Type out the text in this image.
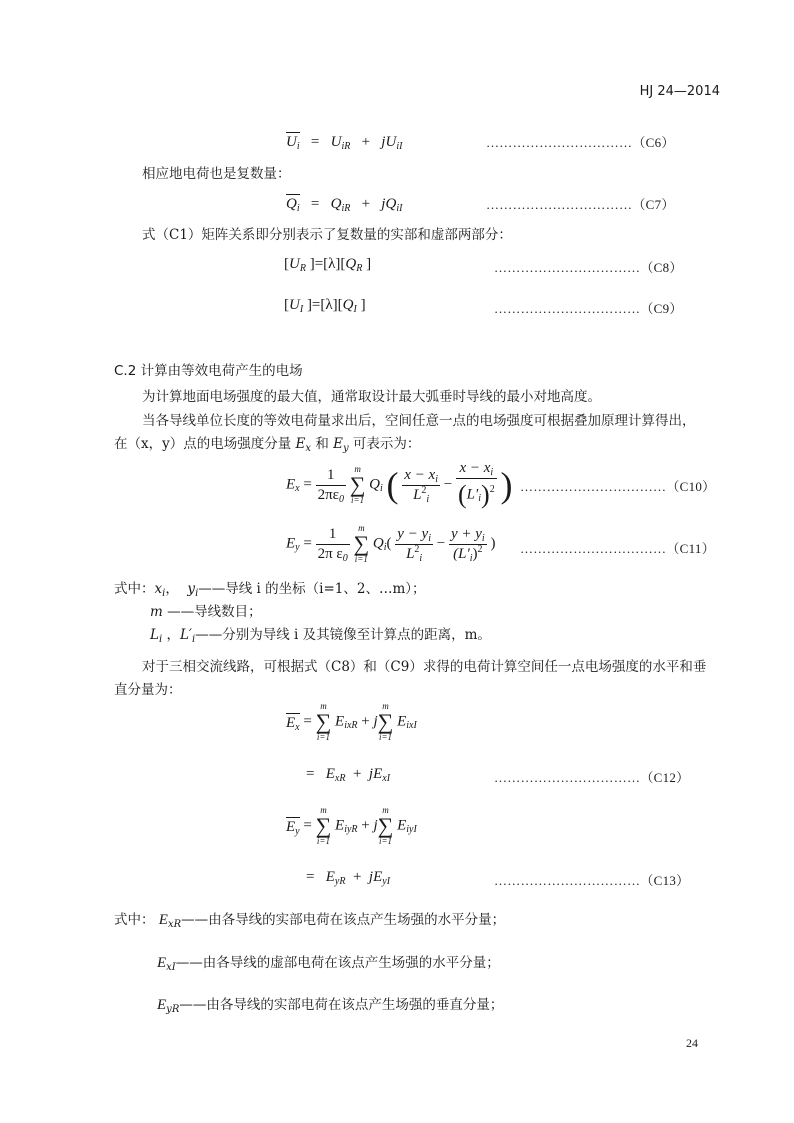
HJ 24—2014
$U_i = U_{iR} + jU_{iI}$	……………………………（C6）
相应地电荷也是复数量：
$Q_i = Q_{iR} + jQ_{iI}$	……………………………（C7）
式（C1）矩阵关系即分别表示了复数量的实部和虚部两部分：
[$U_R$ ]$=[\lambda][Q_R$ ]	……………………………（C8）
[$U_I$ ]$=[\lambda][Q_I$ ]	……………………………（C9）
C.2 计算由等效电荷产生的电场
为计算地面电场强度的最大值，通常取设计最大弧垂时导线的最小对地高度。
当各导线单位长度的等效电荷量求出后，空间任意一点的电场强度可根据叠加原理计算得出，
在（x，y）点的电场强度分量 $E_x$ 和 $E_y$ 可表示为：
$E_x = \frac{1}{2\pi\varepsilon_0}$
m
∑
i=1
$Q_i$ ( $\frac{x - x_i}{L^2_i} - \frac{x - x_i}{(L'_i)^2}$ ) ……………………………（C10）
$E_y = \frac{1}{2\pi \varepsilon_0}$
m
∑
i=1
$Q_i( \frac{y - y_i}{L^2_i} - \frac{y + y_i}{(L'_i)^2}$ ) ……………………………（C11）
式中：$x_i$， $y_i——$导线 i 的坐标（i=1、2、…m）；
m ——导线数目；
$L_i$ ，$L'_i——$分别为导线 i 及其镜像至计算点的距离，m。
对于三相交流线路，可根据式（C8）和（C9）求得的电荷计算空间任一点电场强度的水平和垂
直分量为：
$E_x$ =
m
∑
i=1
$E_{ixR} + j$
m
∑
i=1
$E_{ixI}$
= $E_{xR} + jE_{xI}$	……………………………（C12）
$E_y$ =
m
∑
i=1
$E_{iyR} + j$
m
∑
i=1
$E_{iyI}$
= $E_{yR} + jE_{yI}$	……………………………（C13）
式中： $E_{xR}——$由各导线的实部电荷在该点产生场强的水平分量；
$E_{xI}——$由各导线的虚部电荷在该点产生场强的水平分量；
$E_{yR}——$由各导线的实部电荷在该点产生场强的垂直分量；
24
